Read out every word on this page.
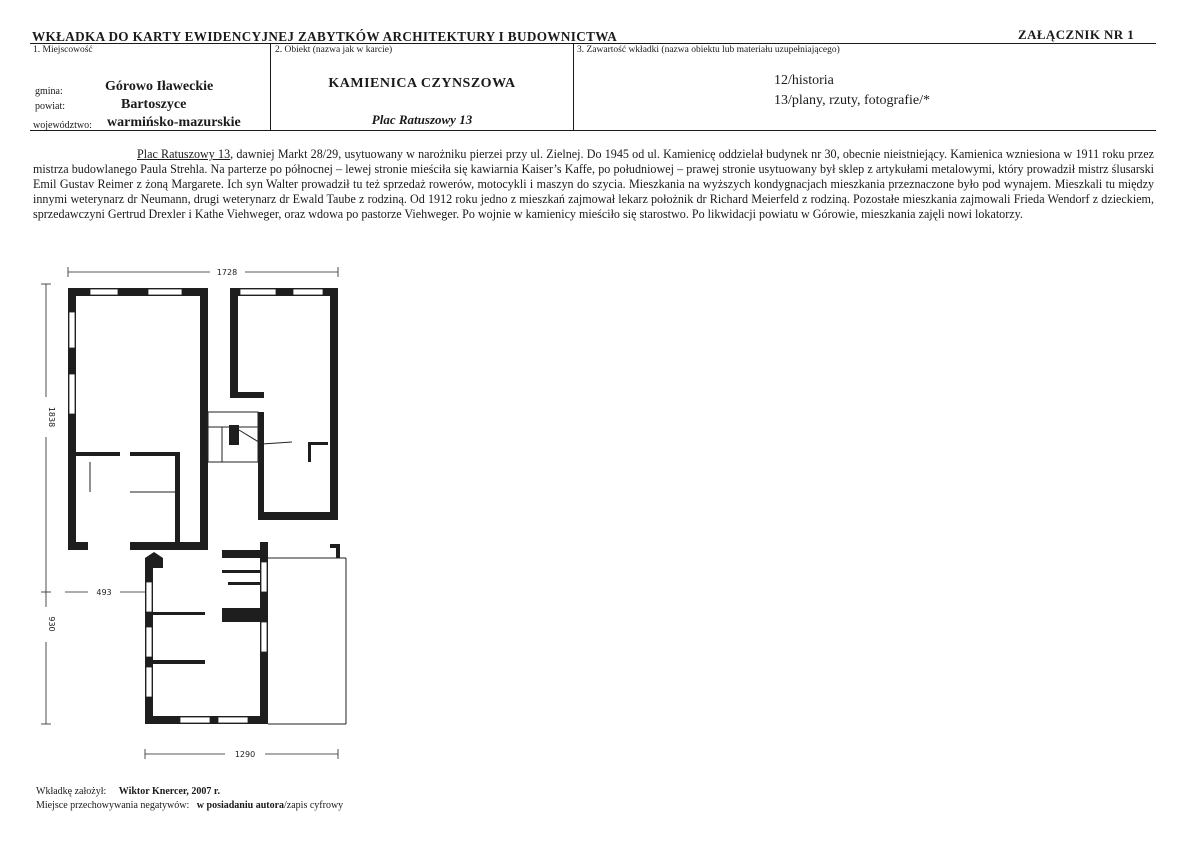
WKŁADKA DO KARTY EWIDENCYJNEJ ZABYTKÓW ARCHITEKTURY I BUDOWNICTWA	ZAŁĄCZNIK NR 1
1. Miejscowość
gmina:	Górowo Iławeckie
powiat:	Bartoszyce
województwo: warmińsko-mazurskie
2. Obiekt (nazwa jak w karcie)
KAMIENICA CZYNSZOWA
Plac Ratuszowy 13
3. Zawartość wkładki (nazwa obiektu lub materiału uzupełniającego)
12/historia
13/plany, rzuty, fotografie/*

Plac Ratuszowy 13, dawniej Markt 28/29, usytuowany w narożniku pierzei przy ul. Zielnej. Do 1945 od ul. Kamienicę oddzielał budynek nr 30, obecnie nieistniejący. Kamienica wzniesiona w 1911 roku przez mistrza budowlanego Paula Strehla. Na parterze po północnej – lewej stronie mieściła się kawiarnia Kaiser’s Kaffe, po południowej – prawej stronie usytuowany był sklep z artykułami metalowymi, który prowadził mistrz ślusarski Emil Gustav Reimer z żoną Margarete. Ich syn Walter prowadził tu też sprzedaż rowerów, motocykli i maszyn do szycia. Mieszkania na wyższych kondygnacjach mieszkania przeznaczone było pod wynajem. Mieszkali tu między innymi weterynarz dr Neumann, drugi weterynarz dr Ewald Taube z rodziną. Od 1912 roku jedno z mieszkań zajmował lekarz położnik dr Richard Meierfeld z rodziną. Pozostałe mieszkania zajmowali Frieda Wendorf z dzieckiem, sprzedawczyni Gertrud Drexler i Kathe Viehweger, oraz wdowa po pastorze Viehweger. Po wojnie w kamienicy mieściło się starostwo. Po likwidacji powiatu w Górowie, mieszkania zajęli nowi lokatorzy.

1728
1838
930
493
1290
Wkładkę założył: Wiktor Knercer, 2007 r.
Miejsce przechowywania negatywów: w posiadaniu autora/zapis cyfrowy
